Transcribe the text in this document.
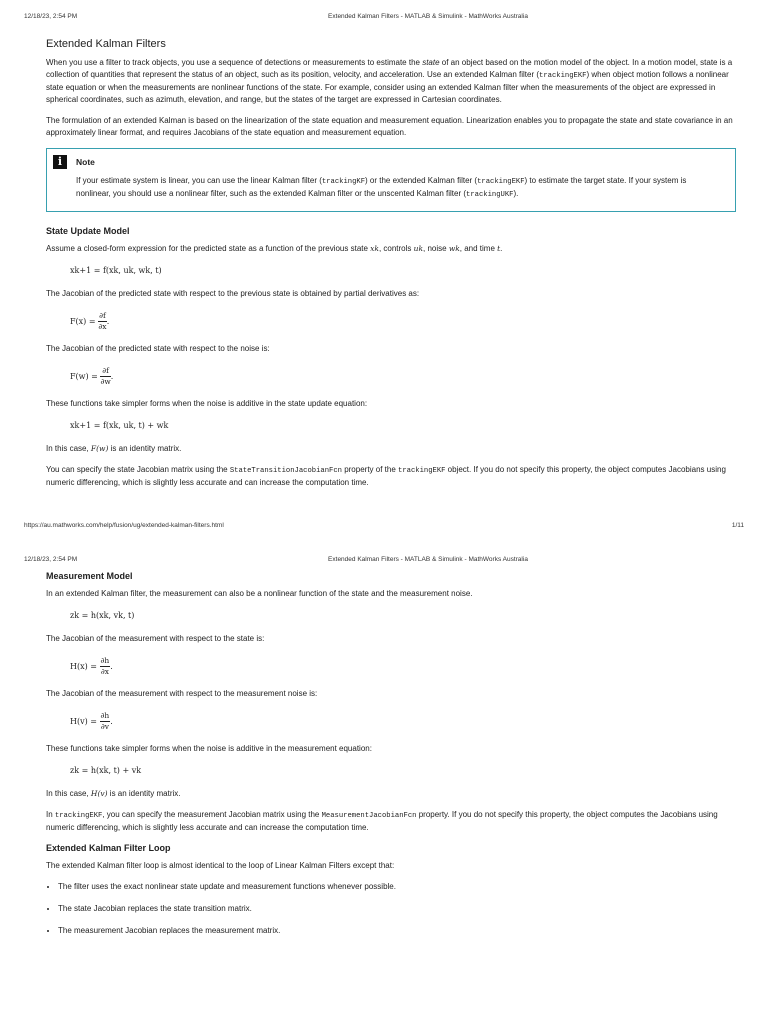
12/18/23, 2:54 PM	Extended Kalman Filters - MATLAB & Simulink - MathWorks Australia
Extended Kalman Filters

When you use a filter to track objects, you use a sequence of detections or measurements to estimate the state of an object based on the motion model of the object. In a motion model, state is a collection of quantities that represent the status of an object, such as its position, velocity, and acceleration. Use an extended Kalman filter (trackingEKF) when object motion follows a nonlinear state equation or when the measurements are nonlinear functions of the state. For example, consider using an extended Kalman filter when the measurements of the object are expressed in spherical coordinates, such as azimuth, elevation, and range, but the states of the target are expressed in Cartesian coordinates.

The formulation of an extended Kalman is based on the linearization of the state equation and measurement equation. Linearization enables you to propagate the state and state covariance in an approximately linear format, and requires Jacobians of the state equation and measurement equation.

i	Note

If your estimate system is linear, you can use the linear Kalman filter (trackingKF) or the extended Kalman filter (trackingEKF) to estimate the target state. If your system is nonlinear, you should use a nonlinear filter, such as the extended Kalman filter or the unscented Kalman filter (trackingUKF).

State Update Model

Assume a closed-form expression for the predicted state as a function of the previous state xk, controls uk, noise wk, and time t.

xk+1 = f(xk, uk, wk, t)

The Jacobian of the predicted state with respect to the previous state is obtained by partial derivatives as:

F(x) =
$\frac{\partial f}{\partial x}$ .

The Jacobian of the predicted state with respect to the noise is:

F(w) =
$\frac{\partial f}{\partial w}$ .

These functions take simpler forms when the noise is additive in the state update equation:

xk+1 = f(xk, uk, t) + wk

In this case, F(w) is an identity matrix.

You can specify the state Jacobian matrix using the StateTransitionJacobianFcn property of the trackingEKF object. If you do not specify this property, the object computes Jacobians using numeric differencing, which is slightly less accurate and can increase the computation time.

https://au.mathworks.com/help/fusion/ug/extended-kalman-filters.html	1/11
12/18/23, 2:54 PM	Extended Kalman Filters - MATLAB & Simulink - MathWorks Australia
Measurement Model

In an extended Kalman filter, the measurement can also be a nonlinear function of the state and the measurement noise.

zk = h(xk, vk, t)

The Jacobian of the measurement with respect to the state is:

H(x) =
$\frac{\partial h}{\partial x}$ .

The Jacobian of the measurement with respect to the measurement noise is:

H(v) =
$\frac{\partial h}{\partial v}$ .

These functions take simpler forms when the noise is additive in the measurement equation:

zk = h(xk, t) + vk

In this case, H(v) is an identity matrix.

In trackingEKF, you can specify the measurement Jacobian matrix using the MeasurementJacobianFcn property. If you do not specify this property, the object computes the Jacobians using numeric differencing, which is slightly less accurate and can increase the computation time.

Extended Kalman Filter Loop

The extended Kalman filter loop is almost identical to the loop of Linear Kalman Filters except that:

• The filter uses the exact nonlinear state update and measurement functions whenever possible.
• The state Jacobian replaces the state transition matrix.
• The measurement Jacobian replaces the measurement matrix.
